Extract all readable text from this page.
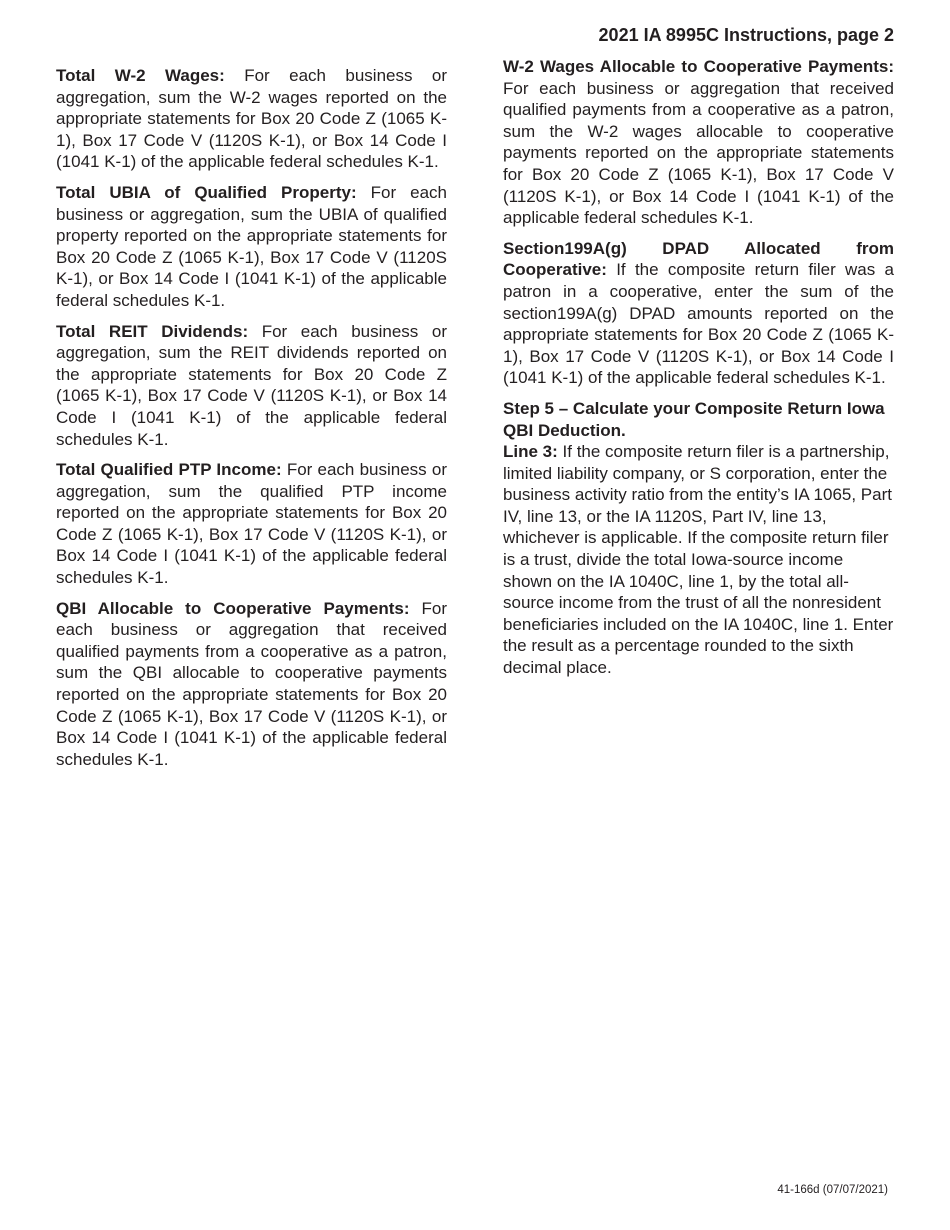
2021 IA 8995C Instructions, page 2

Total W-2 Wages: For each business or aggregation, sum the W-2 wages reported on the appropriate statements for Box 20 Code Z (1065 K-1), Box 17 Code V (1120S K-1), or Box 14 Code I (1041 K-1) of the applicable federal schedules K-1.

Total UBIA of Qualified Property: For each business or aggregation, sum the UBIA of qualified property reported on the appropriate statements for Box 20 Code Z (1065 K-1), Box 17 Code V (1120S K-1), or Box 14 Code I (1041 K-1) of the applicable federal schedules K-1.

Total REIT Dividends: For each business or aggregation, sum the REIT dividends reported on the appropriate statements for Box 20 Code Z (1065 K-1), Box 17 Code V (1120S K-1), or Box 14 Code I (1041 K-1) of the applicable federal schedules K-1.

Total Qualified PTP Income: For each business or aggregation, sum the qualified PTP income reported on the appropriate statements for Box 20 Code Z (1065 K-1), Box 17 Code V (1120S K-1), or Box 14 Code I (1041 K-1) of the applicable federal schedules K-1.

QBI Allocable to Cooperative Payments: For each business or aggregation that received qualified payments from a cooperative as a patron, sum the QBI allocable to cooperative payments reported on the appropriate statements for Box 20 Code Z (1065 K-1), Box 17 Code V (1120S K-1), or Box 14 Code I (1041 K-1) of the applicable federal schedules K-1.

W-2 Wages Allocable to Cooperative Payments: For each business or aggregation that received qualified payments from a cooperative as a patron, sum the W-2 wages allocable to cooperative payments reported on the appropriate statements for Box 20 Code Z (1065 K-1), Box 17 Code V (1120S K-1), or Box 14 Code I (1041 K-1) of the applicable federal schedules K-1.

Section199A(g) DPAD Allocated from Cooperative: If the composite return filer was a patron in a cooperative, enter the sum of the section199A(g) DPAD amounts reported on the appropriate statements for Box 20 Code Z (1065 K-1), Box 17 Code V (1120S K-1), or Box 14 Code I (1041 K-1) of the applicable federal schedules K-1.

Step 5 – Calculate your Composite Return Iowa QBI Deduction.

Line 3: If the composite return filer is a partnership, limited liability company, or S corporation, enter the business activity ratio from the entity’s IA 1065, Part IV, line 13, or the IA 1120S, Part IV, line 13, whichever is applicable. If the composite return filer is a trust, divide the total Iowa-source income shown on the IA 1040C, line 1, by the total all-source income from the trust of all the nonresident beneficiaries included on the IA 1040C, line 1. Enter the result as a percentage rounded to the sixth decimal place.

41-166d (07/07/2021)
